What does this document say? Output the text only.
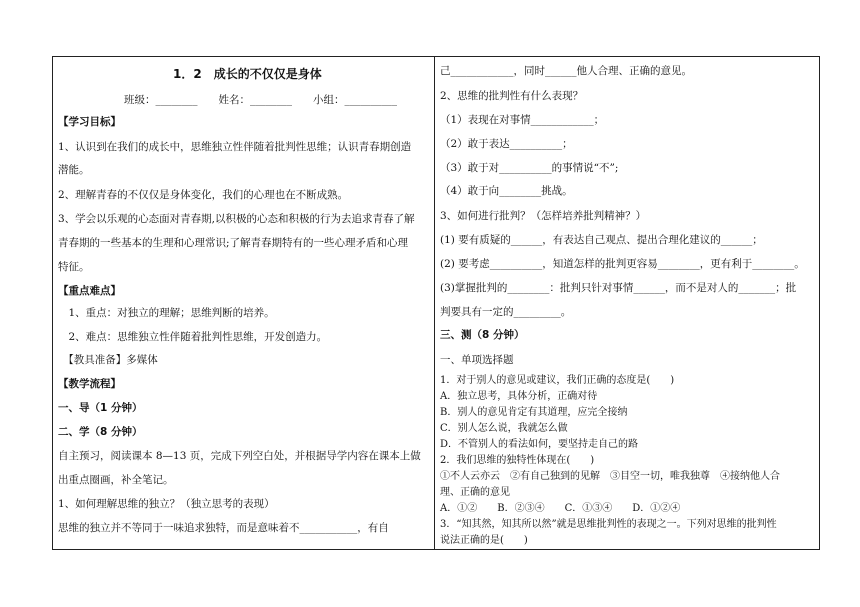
1．2　成长的不仅仅是身体
班级：________　　姓名：________　　小组：__________
【学习目标】
1、认识到在我们的成长中，思维独立性伴随着批判性思维；认识青春期创造
潜能。
2、理解青春的不仅仅是身体变化，我们的心理也在不断成熟。
3、学会以乐观的心态面对青春期,以积极的心态和积极的行为去追求青春了解
青春期的一些基本的生理和心理常识;了解青春期特有的一些心理矛盾和心理
特征。
【重点难点】
　1、重点：对独立的理解；思维判断的培养。
　2、难点：思维独立性伴随着批判性思维，开发创造力。
　【教具准备】多媒体
【教学流程】
一、导（1 分钟）
二、学（8 分钟）
自主预习，阅读课本 8—13 页，完成下列空白处，并根据导学内容在课本上做
出重点圈画，补全笔记。
1、如何理解思维的独立？（独立思考的表现）
思维的独立并不等同于一味追求独特，而是意味着不___________，有自
己____________，同时______他人合理、正确的意见。
2、思维的批判性有什么表现？
（1）表现在对事情____________；
（2）敢于表达__________；
（3）敢于对__________的事情说“不”;
（4）敢于向________挑战。
3、如何进行批判？（怎样培养批判精神？）
(1) 要有质疑的______，有表达自己观点、提出合理化建议的______；
(2) 要考虑__________，知道怎样的批判更容易________，更有利于________。
(3)掌握批判的________：批判只针对事情______，而不是对人的_______；批
判要具有一定的_________。
三、测（8 分钟）
一、单项选择题
1．对于别人的意见或建议，我们正确的态度是(　　)
A．独立思考，具体分析，正确对待
B．别人的意见肯定有其道理，应完全接纳
C．别人怎么说，我就怎么做
D．不管别人的看法如何，要坚持走自己的路
2．我们思维的独特性体现在(　　)
①不人云亦云　②有自己独到的见解　③目空一切，唯我独尊　④接纳他人合
理、正确的意见
A．①②　　B．②③④　　C．①③④　　D．①②④
3．“知其然，知其所以然”就是思维批判性的表现之一。下列对思维的批判性
说法正确的是(　　)
